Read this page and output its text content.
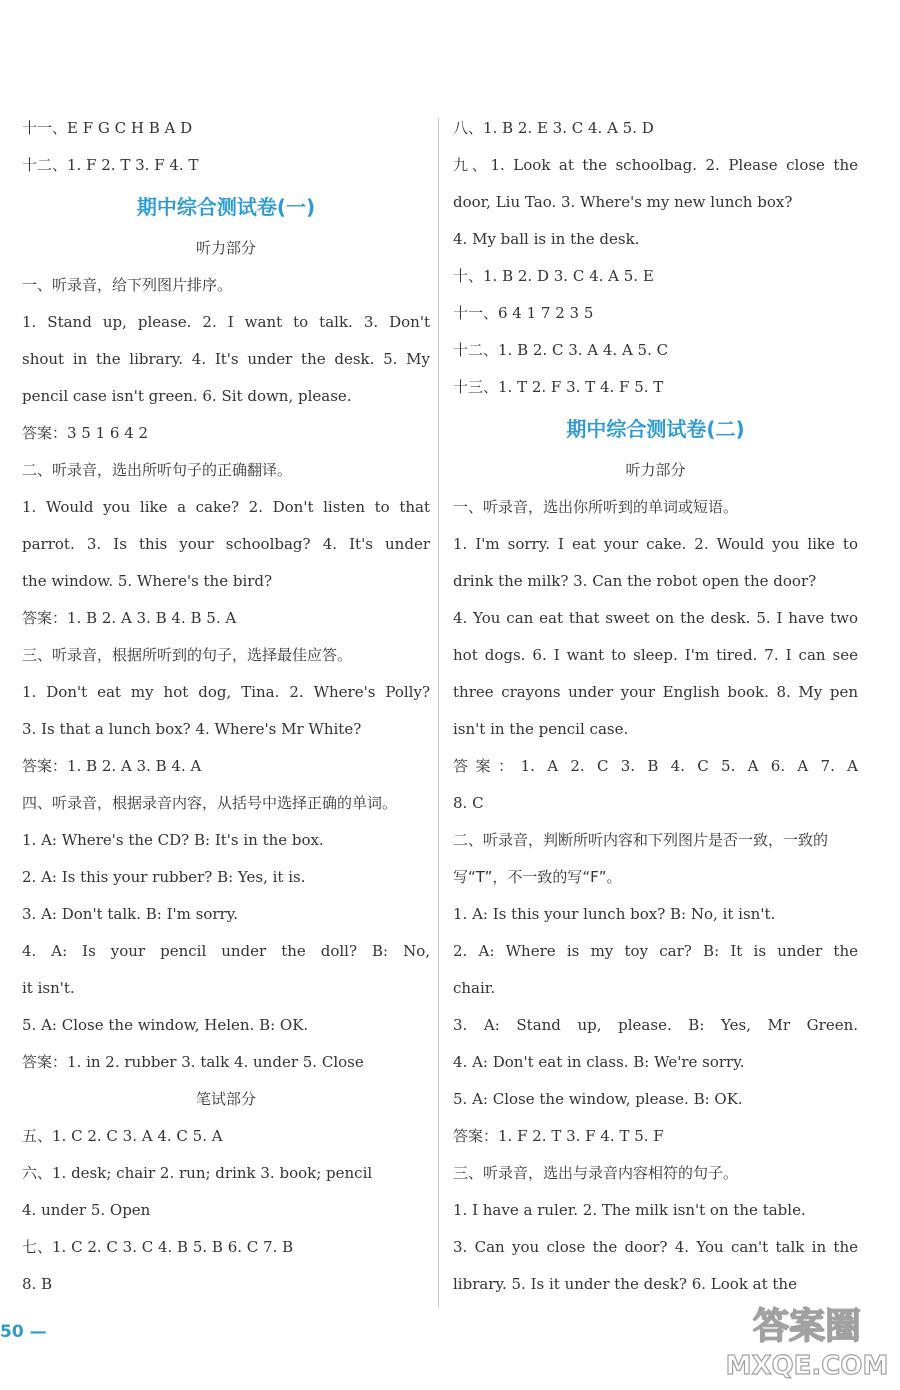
十一、E F G C H B A D
十二、1. F 2. T 3. F 4. T
期中综合测试卷(一)
听力部分
一、听录音，给下列图片排序。
1. Stand up, please. 2. I want to talk. 3. Don't
shout in the library. 4. It's under the desk. 5. My
pencil case isn't green. 6. Sit down, please.
答案：3 5 1 6 4 2
二、听录音，选出所听句子的正确翻译。
1. Would you like a cake? 2. Don't listen to that
parrot. 3. Is this your schoolbag? 4. It's under
the window. 5. Where's the bird?
答案：1. B 2. A 3. B 4. B 5. A
三、听录音，根据所听到的句子，选择最佳应答。
1. Don't eat my hot dog, Tina. 2. Where's Polly?
3. Is that a lunch box? 4. Where's Mr White?
答案：1. B 2. A 3. B 4. A
四、听录音，根据录音内容，从括号中选择正确的单词。
1. A: Where's the CD? B: It's in the box.
2. A: Is this your rubber? B: Yes, it is.
3. A: Don't talk. B: I'm sorry.
4. A: Is your pencil under the doll? B: No,
it isn't.
5. A: Close the window, Helen. B: OK.
答案：1. in 2. rubber 3. talk 4. under 5. Close
笔试部分
五、1. C 2. C 3. A 4. C 5. A
六、1. desk; chair 2. run; drink 3. book; pencil
4. under 5. Open
七、1. C 2. C 3. C 4. B 5. B 6. C 7. B
8. B
八、1. B 2. E 3. C 4. A 5. D
九、1. Look at the schoolbag. 2. Please close the
door, Liu Tao. 3. Where's my new lunch box?
4. My ball is in the desk.
十、1. B 2. D 3. C 4. A 5. E
十一、6 4 1 7 2 3 5
十二、1. B 2. C 3. A 4. A 5. C
十三、1. T 2. F 3. T 4. F 5. T
期中综合测试卷(二)
听力部分
一、听录音，选出你所听到的单词或短语。
1. I'm sorry. I eat your cake. 2. Would you like to
drink the milk? 3. Can the robot open the door?
4. You can eat that sweet on the desk. 5. I have two
hot dogs. 6. I want to sleep. I'm tired. 7. I can see
three crayons under your English book. 8. My pen
isn't in the pencil case.
答案：1. A 2. C 3. B 4. C 5. A 6. A 7. A
8. C
二、听录音，判断所听内容和下列图片是否一致，一致的
写“T”，不一致的写“F”。
1. A: Is this your lunch box? B: No, it isn't.
2. A: Where is my toy car? B: It is under the
chair.
3. A: Stand up, please. B: Yes, Mr Green.
4. A: Don't eat in class. B: We're sorry.
5. A: Close the window, please. B: OK.
答案：1. F 2. T 3. F 4. T 5. F
三、听录音，选出与录音内容相符的句子。
1. I have a ruler. 2. The milk isn't on the table.
3. Can you close the door? 4. You can't talk in the
library. 5. Is it under the desk? 6. Look at the
50 —	答案圈
MXQE.COM
